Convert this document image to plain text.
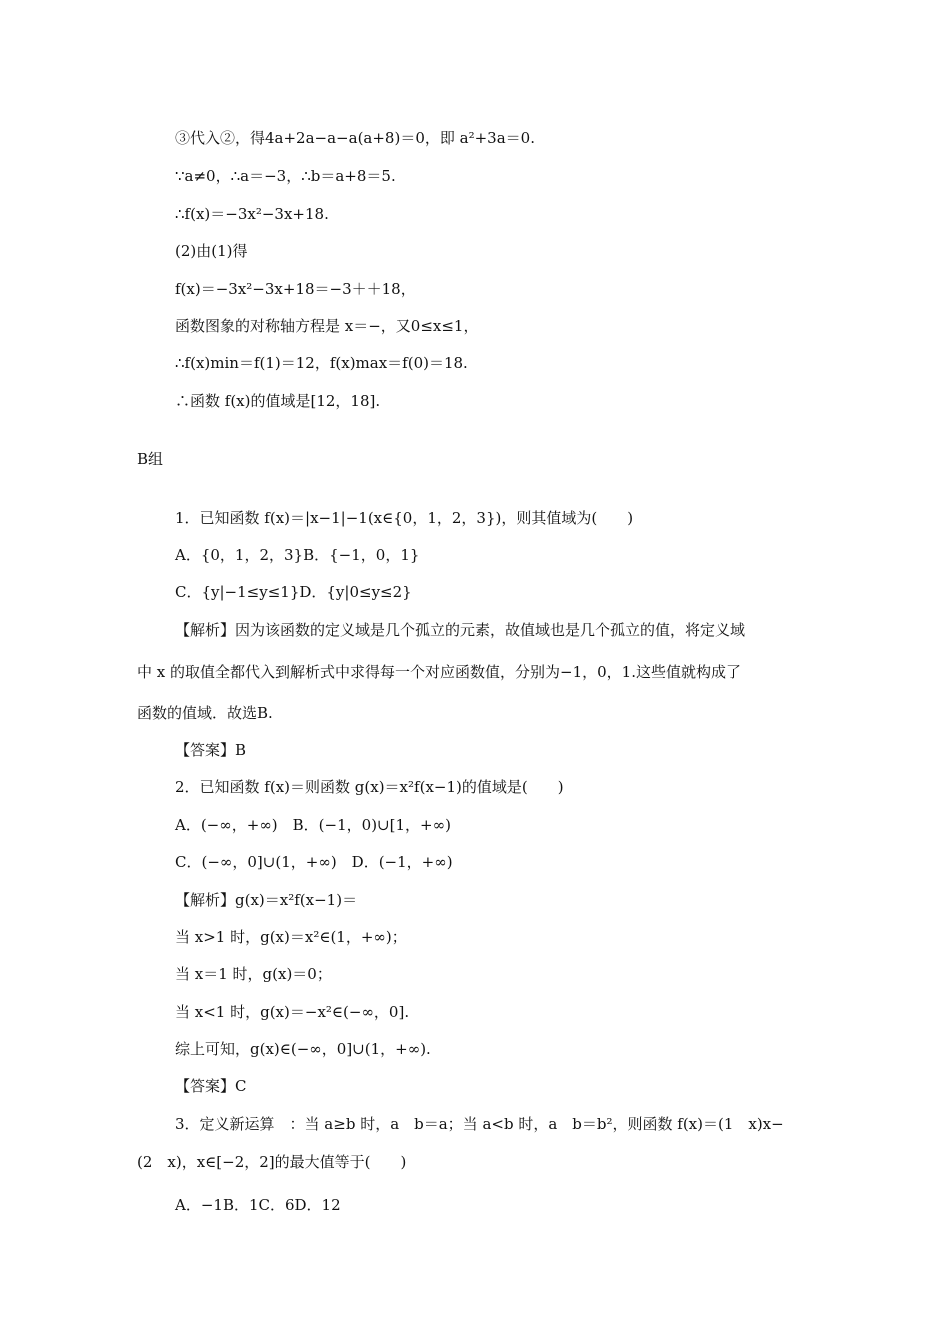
③代入②，得4a+2a−a−a(a+8)＝0，即 a²+3a＝0.
∵a≠0，∴a＝−3，∴b＝a+8＝5.
∴f(x)＝−3x²−3x+18.
(2)由(1)得
f(x)＝−3x²−3x+18＝−3＋＋18，
函数图象的对称轴方程是 x＝−，又0≤x≤1，
∴f(x)min＝f(1)＝12，f(x)max＝f(0)＝18.
∴函数 f(x)的值域是[12，18].
B组
1．已知函数 f(x)＝|x−1|−1(x∈{0，1，2，3})，则其值域为(　　)
A．{0，1，2，3}B．{−1，0，1}
C．{y|−1≤y≤1}D．{y|0≤y≤2}
【解析】因为该函数的定义域是几个孤立的元素，故值域也是几个孤立的值，将定义域
中 x 的取值全都代入到解析式中求得每一个对应函数值，分别为−1，0，1.这些值就构成了
函数的值域．故选B.
【答案】B
2．已知函数 f(x)＝则函数 g(x)＝x²f(x−1)的值域是(　　)
A．(−∞，+∞)　B．(−1，0)∪[1，+∞)
C．(−∞，0]∪(1，+∞)　D．(−1，+∞)
【解析】g(x)＝x²f(x−1)＝
当 x>1 时，g(x)＝x²∈(1，+∞)；
当 x＝1 时，g(x)＝0；
当 x<1 时，g(x)＝−x²∈(−∞，0].
综上可知，g(x)∈(−∞，0]∪(1，+∞).
【答案】C
3．定义新运算　：当 a≥b 时，a　b＝a；当 a<b 时，a　b＝b²，则函数 f(x)＝(1　x)x−
(2　x)，x∈[−2，2]的最大值等于(　　)
A．−1B．1C．6D．12
